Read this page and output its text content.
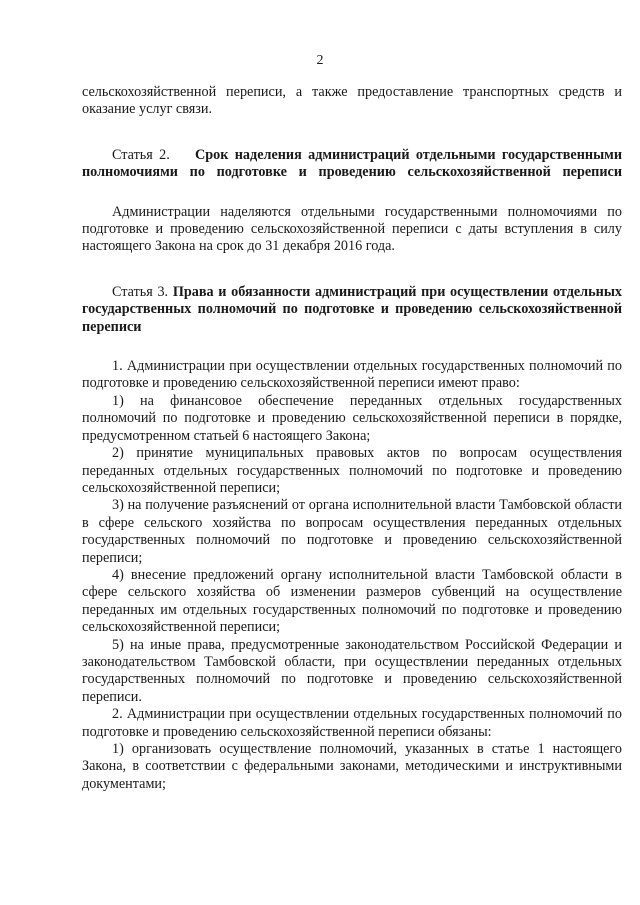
2

сельскохозяйственной переписи, а также предоставление транспортных средств и оказание услуг связи.

Статья 2. Срок наделения администраций отдельными государственными полномочиями по подготовке и проведению сельскохозяйственной переписи

Администрации наделяются отдельными государственными полномочиями по подготовке и проведению сельскохозяйственной переписи с даты вступления в силу настоящего Закона на срок до 31 декабря 2016 года.

Статья 3. Права и обязанности администраций при осуществлении отдельных государственных полномочий по подготовке и проведению сельскохозяйственной переписи

1. Администрации при осуществлении отдельных государственных полномочий по подготовке и проведению сельскохозяйственной переписи имеют право:

1) на финансовое обеспечение переданных отдельных государственных полномочий по подготовке и проведению сельскохозяйственной переписи в порядке, предусмотренном статьей 6 настоящего Закона;

2) принятие муниципальных правовых актов по вопросам осуществления переданных отдельных государственных полномочий по подготовке и проведению сельскохозяйственной переписи;

3) на получение разъяснений от органа исполнительной власти Тамбовской области в сфере сельского хозяйства по вопросам осуществления переданных отдельных государственных полномочий по подготовке и проведению сельскохозяйственной переписи;

4) внесение предложений органу исполнительной власти Тамбовской области в сфере сельского хозяйства об изменении размеров субвенций на осуществление переданных им отдельных государственных полномочий по подготовке и проведению сельскохозяйственной переписи;

5) на иные права, предусмотренные законодательством Российской Федерации и законодательством Тамбовской области, при осуществлении переданных отдельных государственных полномочий по подготовке и проведению сельскохозяйственной переписи.

2. Администрации при осуществлении отдельных государственных полномочий по подготовке и проведению сельскохозяйственной переписи обязаны:

1) организовать осуществление полномочий, указанных в статье 1 настоящего Закона, в соответствии с федеральными законами, методическими и инструктивными документами;
